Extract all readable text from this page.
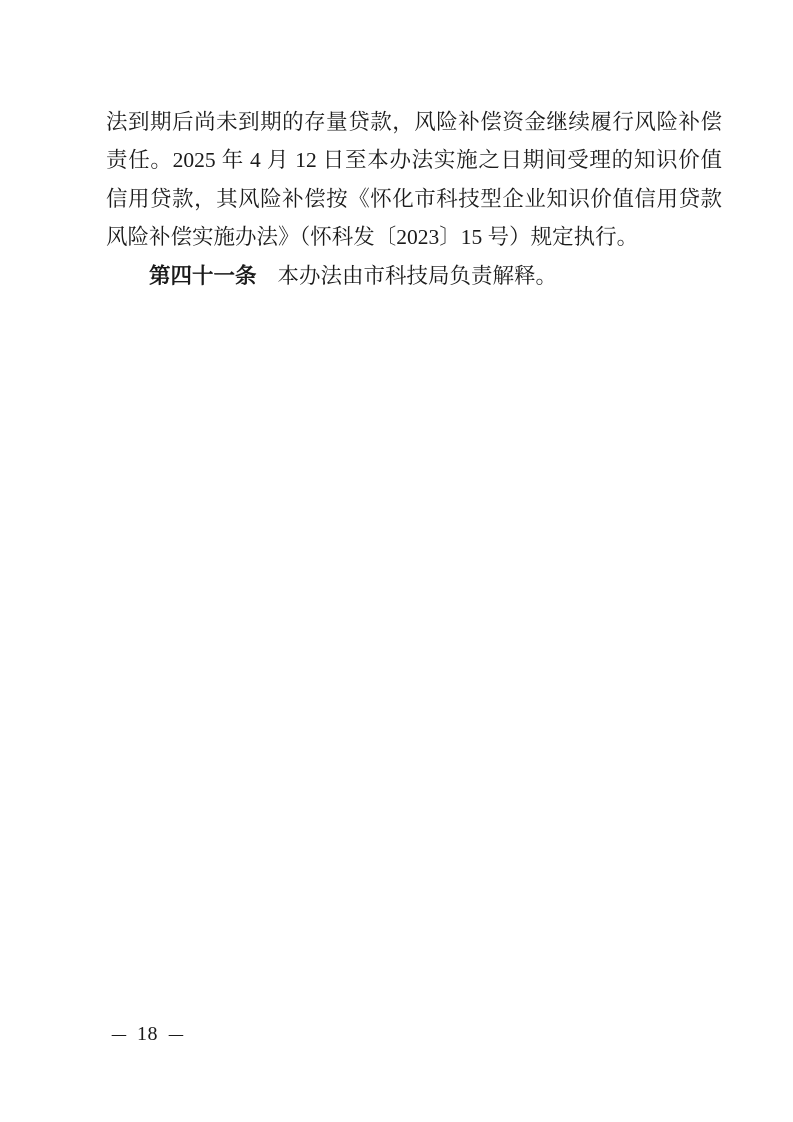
法到期后尚未到期的存量贷款，风险补偿资金继续履行风险补偿
责任。2025 年 4 月 12 日至本办法实施之日期间受理的知识价值
信用贷款，其风险补偿按《怀化市科技型企业知识价值信用贷款
风险补偿实施办法》（怀科发〔2023〕15 号）规定执行。
第四十一条 本办法由市科技局负责解释。
— 18 —
